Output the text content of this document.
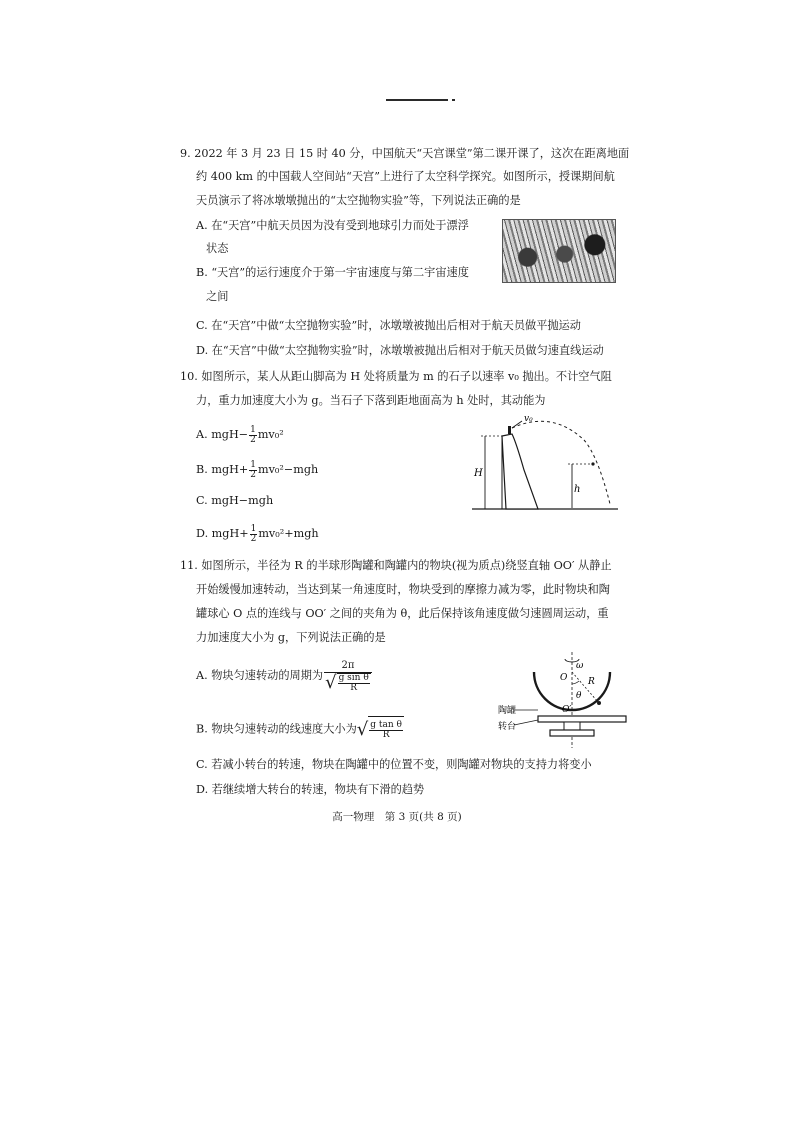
9. 2022 年 3 月 23 日 15 时 40 分，中国航天“天宫课堂”第二课开课了，这次在距离地面
约 400 km 的中国载人空间站“天宫”上进行了太空科学探究。如图所示，授课期间航
天员演示了将冰墩墩抛出的“太空抛物实验”等，下列说法正确的是
A. 在“天宫”中航天员因为没有受到地球引力而处于漂浮
状态
B. “天宫”的运行速度介于第一宇宙速度与第二宇宙速度
之间
C. 在“天宫”中做“太空抛物实验”时，冰墩墩被抛出后相对于航天员做平抛运动
D. 在“天宫”中做“太空抛物实验”时，冰墩墩被抛出后相对于航天员做匀速直线运动
10. 如图所示，某人从距山脚高为 H 处将质量为 m 的石子以速率 v₀ 抛出。不计空气阻
力，重力加速度大小为 g。当石子下落到距地面高为 h 处时，其动能为
A. $mgH- \frac{1}{2} mv_0^2$
B. $mgH+ \frac{1}{2} mv_0^2-mgh$
C. mgH−mgh
D. $mgH+ \frac{1}{2} mv_0^2+mgh$
v₀
H
h
11. 如图所示，半径为 R 的半球形陶罐和陶罐内的物块(视为质点)绕竖直轴 OO′ 从静止
开始缓慢加速转动，当达到某一角速度时，物块受到的摩擦力减为零，此时物块和陶
罐球心 O 点的连线与 OO′ 之间的夹角为 θ，此后保持该角速度做匀速圆周运动，重
力加速度大小为 g，下列说法正确的是
A. 物块匀速转动的周期为 $\frac{2\pi}{√ \frac{\text{g sin θ}}{R}}$
B. 物块匀速转动的线速度大小为√ $\frac{\text{g tan θ}}{R}$
C. 若减小转台的转速，物块在陶罐中的位置不变，则陶罐对物块的支持力将变小
D. 若继续增大转台的转速，物块有下滑的趋势
ω
O R
θ
O′
陶罐
转台
高一物理　第 3 页(共 8 页)
